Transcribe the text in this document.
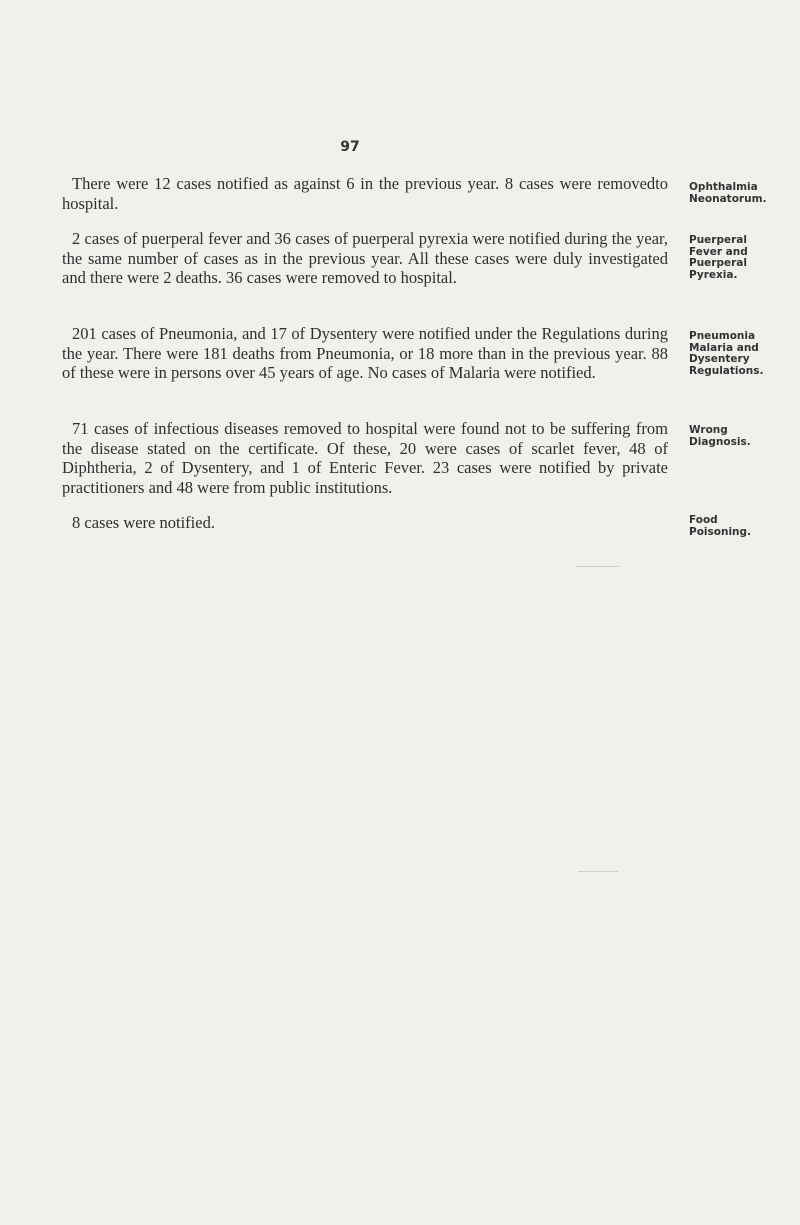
97

There were 12 cases notified as against 6 in the previous year. 8 cases were removedto hospital.

Ophthalmia
Neonatorum.

2 cases of puerperal fever and 36 cases of puerperal pyrexia were notified during the year, the same number of cases as in the previous year. All these cases were duly investigated and there were 2 deaths. 36 cases were removed to hospital.

Puerperal
Fever and
Puerperal
Pyrexia.

201 cases of Pneumonia, and 17 of Dysentery were notified under the Regulations during the year. There were 181 deaths from Pneumonia, or 18 more than in the previous year. 88 of these were in persons over 45 years of age. No cases of Malaria were notified.

Pneumonia
Malaria and
Dysentery
Regulations.

71 cases of infectious diseases removed to hospital were found not to be suffering from the disease stated on the certificate. Of these, 20 were cases of scarlet fever, 48 of Diphtheria, 2 of Dysentery, and 1 of Enteric Fever. 23 cases were notified by private practitioners and 48 were from public institutions.

Wrong
Diagnosis.

8 cases were notified.	Food
Poisoning.
